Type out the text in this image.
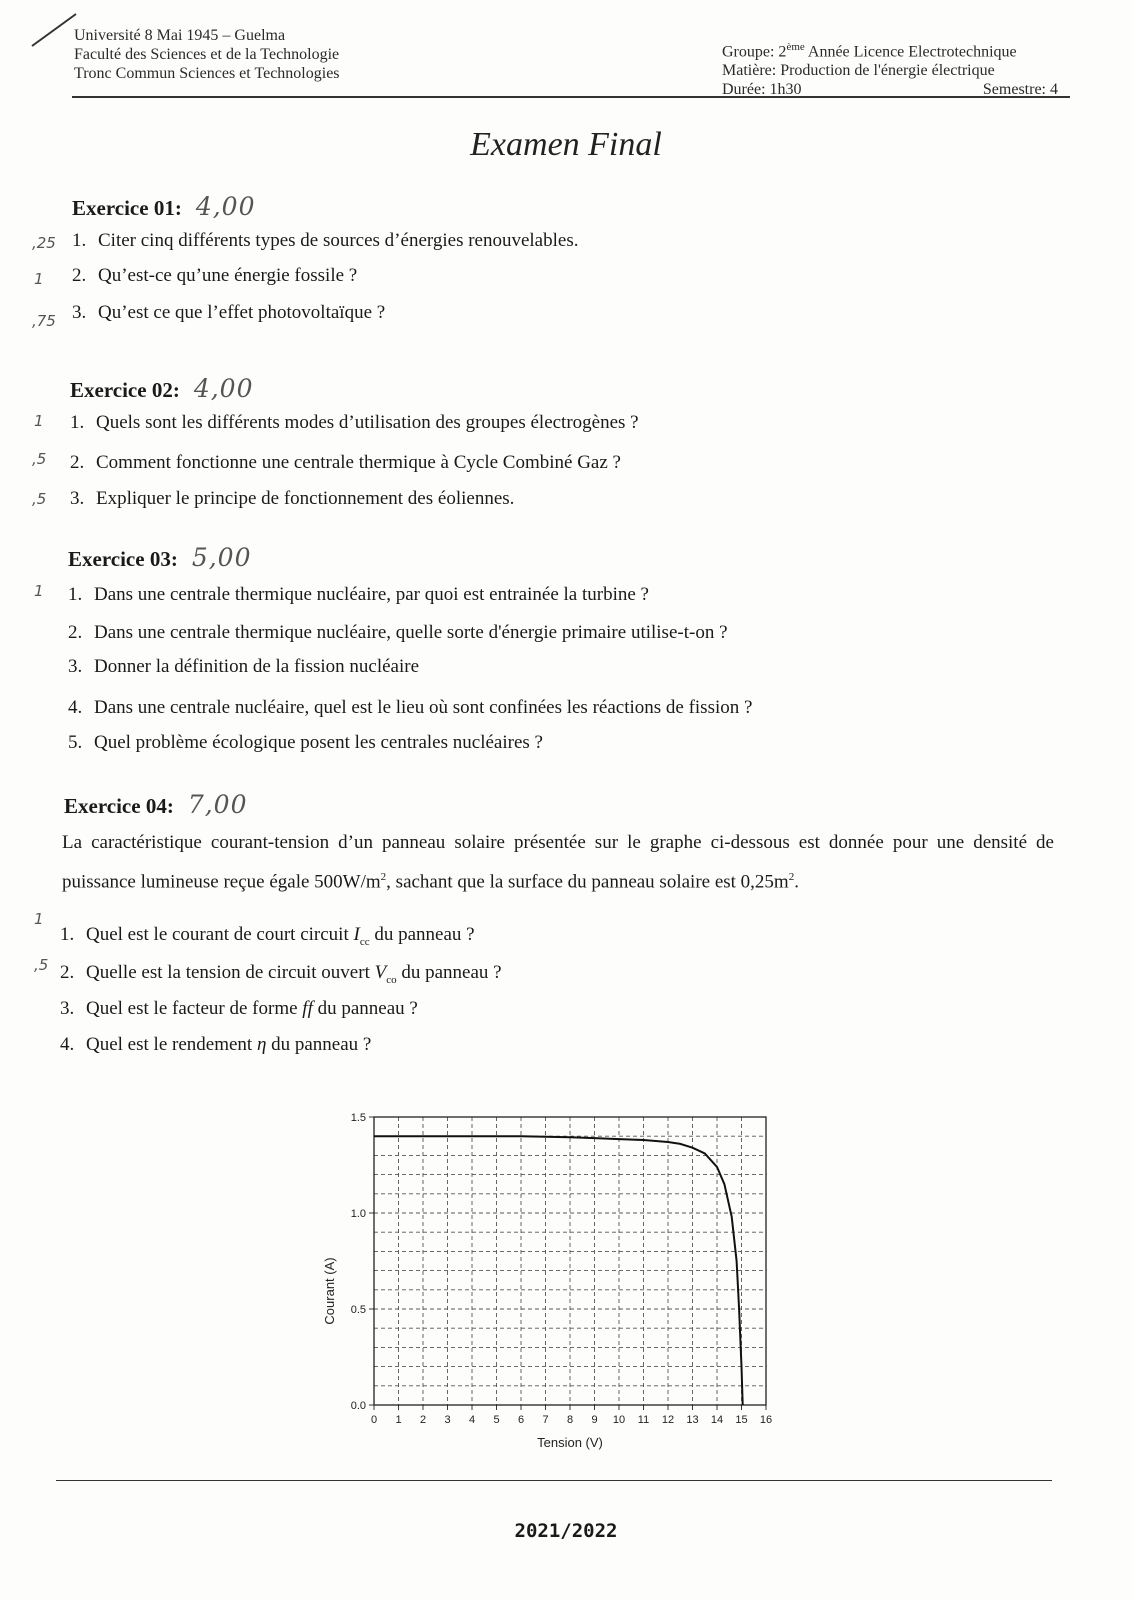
Université 8 Mai 1945 – Guelma
Faculté des Sciences et de la Technologie
Tronc Commun Sciences et Technologies
Groupe: 2ème Année Licence Electrotechnique
Matière: Production de l'énergie électrique
Durée: 1h30	Semestre: 4
Examen Final
Exercice 01: 4,00
,25
1
,75
1. Citer cinq différents types de sources d’énergies renouvelables.
2. Qu’est-ce qu’une énergie fossile ?
3. Qu’est ce que l’effet photovoltaïque ?
Exercice 02: 4,00
1
,5
,5
1. Quels sont les différents modes d’utilisation des groupes électrogènes ?
2. Comment fonctionne une centrale thermique à Cycle Combiné Gaz ?
3. Expliquer le principe de fonctionnement des éoliennes.
Exercice 03: 5,00
1 1. Dans une centrale thermique nucléaire, par quoi est entrainée la turbine ?
2. Dans une centrale thermique nucléaire, quelle sorte d'énergie primaire utilise-t-on ?
3. Donner la définition de la fission nucléaire
4. Dans une centrale nucléaire, quel est le lieu où sont confinées les réactions de fission ?
5. Quel problème écologique posent les centrales nucléaires ?
Exercice 04: 7,00
La caractéristique courant-tension d’un panneau solaire présentée sur le graphe ci-dessous est donnée pour une densité de puissance lumineuse reçue égale $500W/m^2$, sachant que la surface du panneau solaire est $0,25m^2$.
1
,5
1. Quel est le courant de court circuit $I_{cc}$ du panneau ?
2. Quelle est la tension de circuit ouvert $V_{co}$ du panneau ?
3. Quel est le facteur de forme ff du panneau ?
4. Quel est le rendement η du panneau ?
0 1 2 3 4 5 6 7 8 9 10 11 12 13 14 15 16
0.0
0.5
1.0
1.5
Tension (V)
Courant (A)
2021/2022
